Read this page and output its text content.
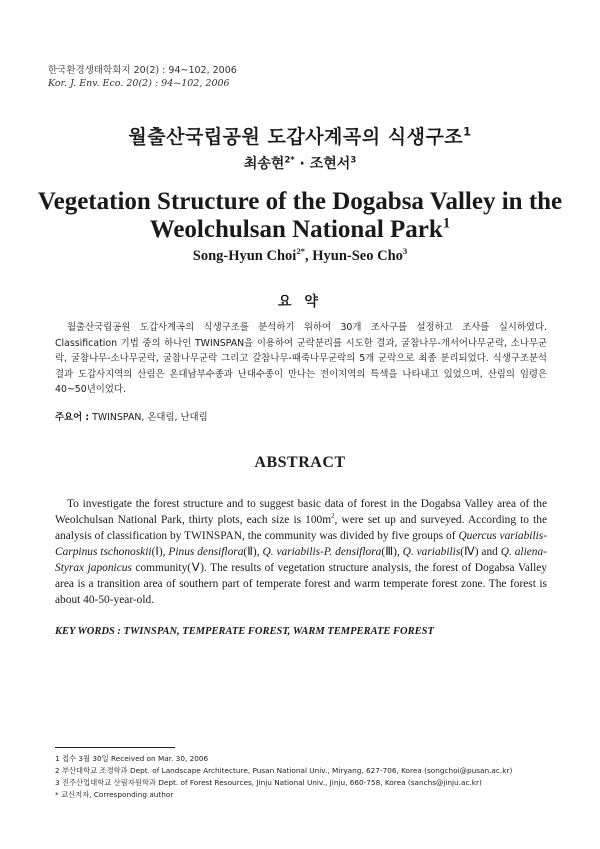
한국환경생태학회지 20(2) : 94~102, 2006
Kor. J. Env. Eco. 20(2) : 94~102, 2006
월출산국립공원 도갑사계곡의 식생구조$^1$
최송현$^{2*}$ · 조현서$^3$
Vegetation Structure of the Dogabsa Valley in the
Weolchulsan National Park$^1$
Song-Hyun Choi$^{2*}$, Hyun-Seo Cho$^3$
요 약
월출산국립공원 도갑사계곡의 식생구조를 분석하기 위하여 30개 조사구를 설정하고 조사를 실시하였다. Classification 기법 중의 하나인 TWINSPAN을 이용하여 군락분리를 시도한 결과, 굴참나무-개서어나무군락, 소나무군락, 굴참나무-소나무군락, 굴참나무군락 그리고 갈참나무-때죽나무군락의 5개 군락으로 최종 분리되었다. 식생구조분석결과 도갑사지역의 산림은 온대남부수종과 난대수종이 만나는 전이지역의 특색을 나타내고 있었으며, 산림의 임령은 40~50년이었다.
주요어 : TWINSPAN, 온대림, 난대림
ABSTRACT
To investigate the forest structure and to suggest basic data of forest in the Dogabsa Valley area of the Weolchulsan National Park, thirty plots, each size is $100m^2$, were set up and surveyed. According to the analysis of classification by TWINSPAN, the community was divided by five groups of Quercus variabilis-Carpinus tschonoskii(Ⅰ), Pinus densiflora(Ⅱ), Q. variabilis-P. densiflora(Ⅲ), Q. variabilis(Ⅳ) and Q. aliena-Styrax japonicus community(Ⅴ). The results of vegetation structure analysis, the forest of Dogabsa Valley area is a transition area of southern part of temperate forest and warm temperate forest zone. The forest is about 40-50-year-old.
KEY WORDS : TWINSPAN, TEMPERATE FOREST, WARM TEMPERATE FOREST
1 접수 3월 30일 Received on Mar. 30, 2006
2 부산대학교 조경학과 Dept. of Landscape Architecture, Pusan National Univ., Miryang, 627-706, Korea (songchoi@pusan.ac.kr)
3 진주산업대학교 산림자원학과 Dept. of Forest Resources, Jinju National Univ., Jinju, 660-758, Korea (sanchs@jinju.ac.kr)
* 교신저자, Corresponding author
